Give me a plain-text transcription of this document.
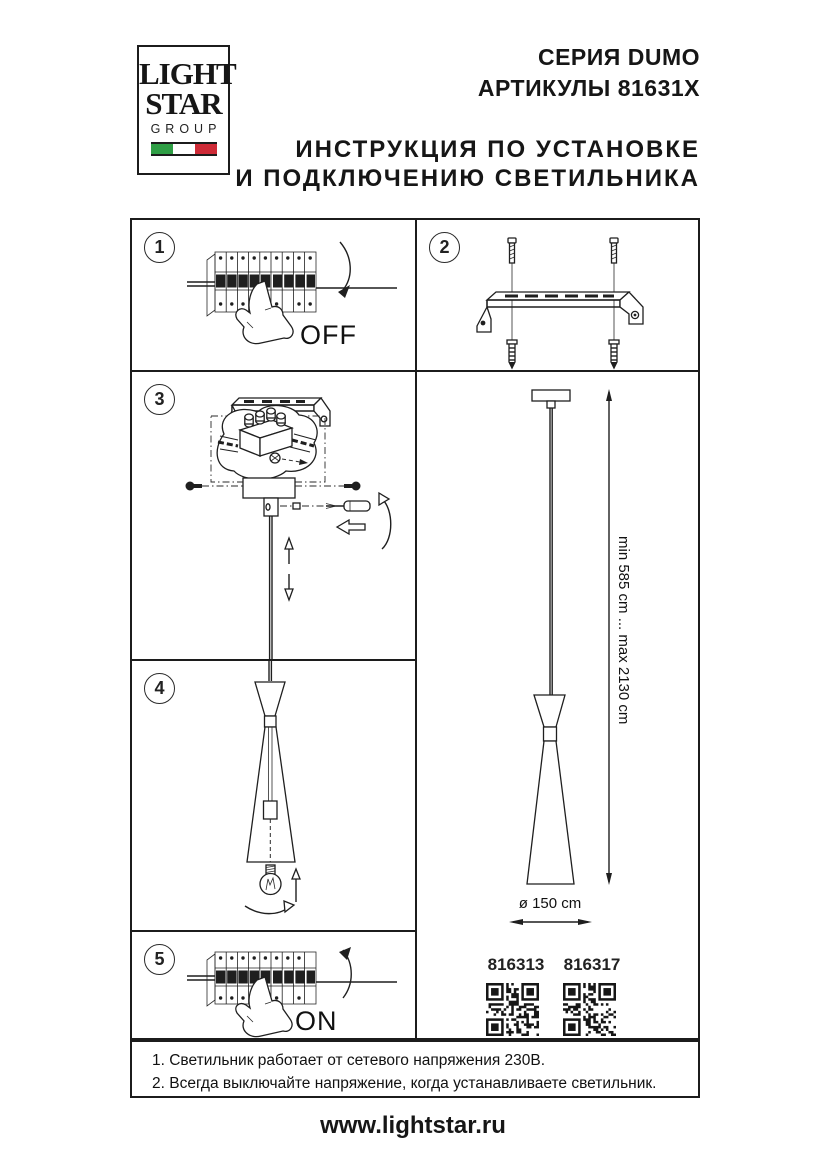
LIGHT
STAR
GROUP
СЕРИЯ DUMO
АРТИКУЛЫ 81631X
ИНСТРУКЦИЯ ПО УСТАНОВКЕ
И ПОДКЛЮЧЕНИЮ СВЕТИЛЬНИКА
1	2
3
4
5
OFF
ON
min 585 cm ... max 2130 cm
ø 150 cm
816313	816317
1. Светильник работает от сетевого напряжения 230В.
2. Всегда выключайте напряжение, когда устанавливаете светильник.
www.lightstar.ru
